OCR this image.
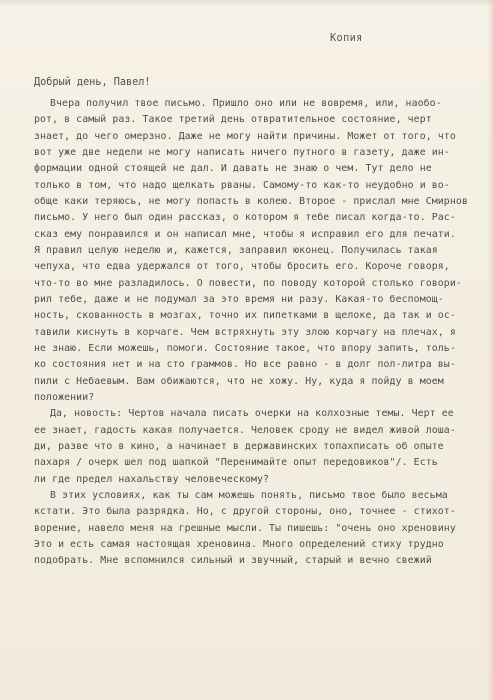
Копия
Добрый день, Павел!
Вчера получил твое письмо. Пришло оно или не вовремя, или, наобо-
рот, в самый раз. Такое третий день отвратительное состояние, черт
знает, до чего омерзно. Даже не могу найти причины. Может от того, что
вот уже две недели не могу написать ничего путного в газету, даже ин-
формации одной стоящей не дал. И давать не знаю о чем. Тут дело не
только в том, что надо щелкать рваны. Самому-то как-то неудобно и во-
обще каки теряюсь, не могу попасть в колею. Второе - прислал мне Смирнов
письмо. У него был один рассказ, о котором я тебе писал когда-то. Рас-
сказ ему понравился и он написал мне, чтобы я исправил его для печати.
Я правил целую неделю и, кажется, заправил юконец. Получилась такая
чепуха, что едва удержался от того, чтобы бросить его. Короче говоря,
что-то во мне разладилось. О повести, по поводу которой столько говори-
рил тебе, даже и не подумал за это время ни разу. Какая-то беспомощ-
ность, скованность в мозгах, точно их пипетками в щелоке, да так и ос-
тавили киснуть в корчаге. Чем встряхнуть эту злою корчагу на плечах, я
не знаю. Если можешь, помоги. Состояние такое, что впору запить, толь-
ко состояния нет и на сто граммов. Но все равно - в долг пол-литра вы-
пили с Небаевым. Вам обижаются, что не хожу. Ну, куда я пойду в моем
положении?
Да, новость: Чертов начала писать очерки на колхозные темы. Черт ее
ее знает, гадость какая получается. Человек сроду не видел живой лоша-
ди, разве что в кино, а начинает в державинских топахписать об опыте
пахаря / очерк шел под шапкой "Перенимайте опыт передовиков"/. Есть
ли где предел нахальству человеческому?
В этих условиях, как ты сам можешь понять, письмо твое было весьма
кстати. Это была разрядка. Но, с другой стороны, оно, точнее - стихот-
ворение, навело меня на грешные мысли. Ты пишешь: "очень оно хреновину
Это и есть самая настоящая хреновина. Много определений стиху трудно
подобрать. Мне вспомнился сильный и звучный, старый и вечно свежий
